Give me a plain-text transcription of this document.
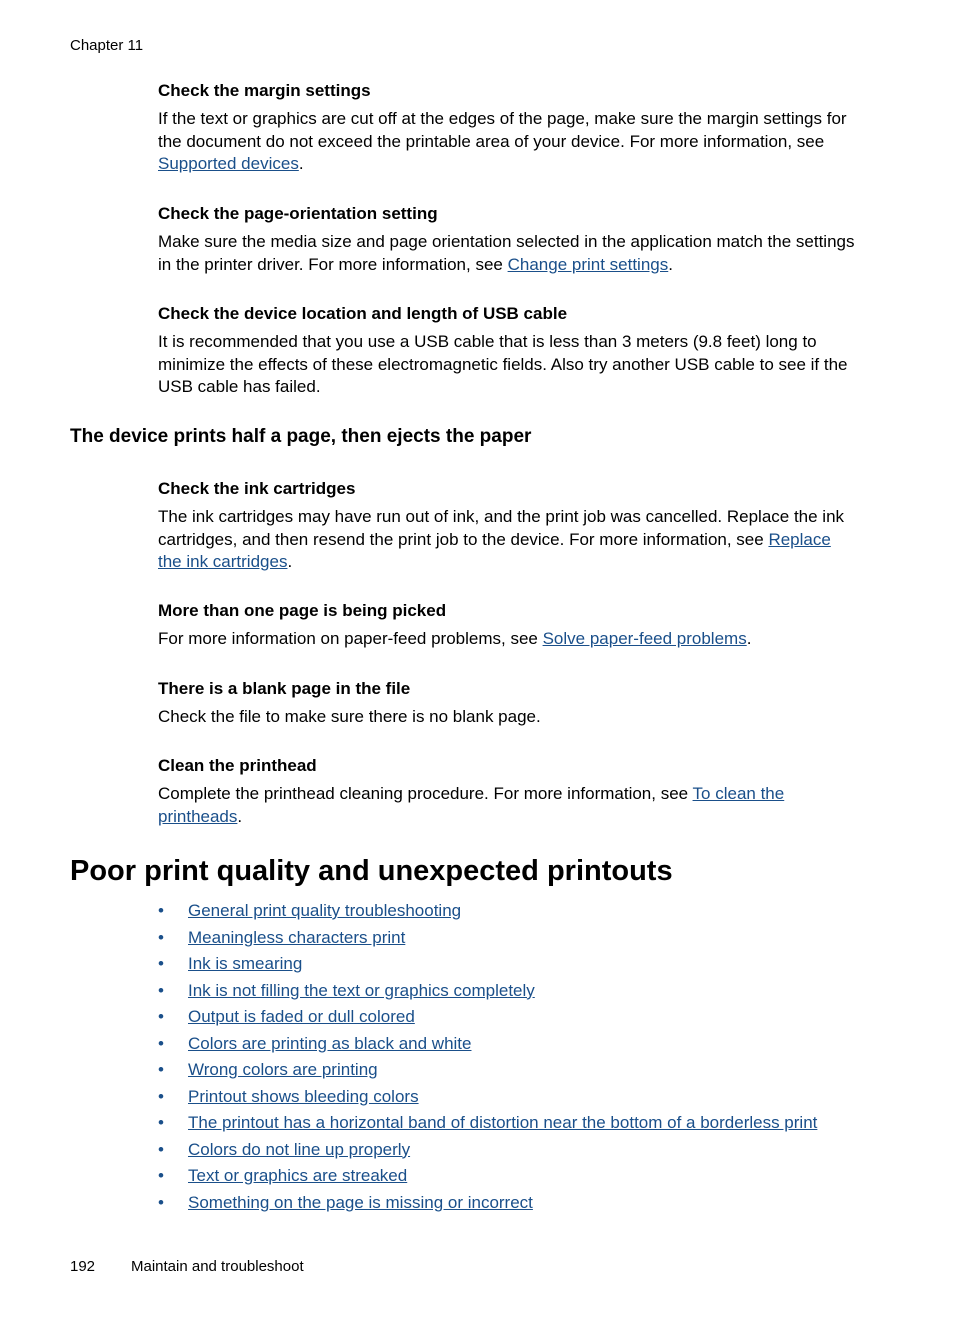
Chapter 11
Check the margin settings

If the text or graphics are cut off at the edges of the page, make sure the margin settings for the document do not exceed the printable area of your device. For more information, see Supported devices.

Check the page-orientation setting

Make sure the media size and page orientation selected in the application match the settings in the printer driver. For more information, see Change print settings.

Check the device location and length of USB cable

It is recommended that you use a USB cable that is less than 3 meters (9.8 feet) long to minimize the effects of these electromagnetic fields. Also try another USB cable to see if the USB cable has failed.

The device prints half a page, then ejects the paper
Check the ink cartridges

The ink cartridges may have run out of ink, and the print job was cancelled. Replace the ink cartridges, and then resend the print job to the device. For more information, see Replace the ink cartridges.

More than one page is being picked

For more information on paper-feed problems, see Solve paper-feed problems.

There is a blank page in the file

Check the file to make sure there is no blank page.

Clean the printhead

Complete the printhead cleaning procedure. For more information, see To clean the printheads.

Poor print quality and unexpected printouts
• General print quality troubleshooting
• Meaningless characters print
• Ink is smearing
• Ink is not filling the text or graphics completely
• Output is faded or dull colored
• Colors are printing as black and white
• Wrong colors are printing
• Printout shows bleeding colors
• The printout has a horizontal band of distortion near the bottom of a borderless print
• Colors do not line up properly
• Text or graphics are streaked
• Something on the page is missing or incorrect
192 Maintain and troubleshoot
